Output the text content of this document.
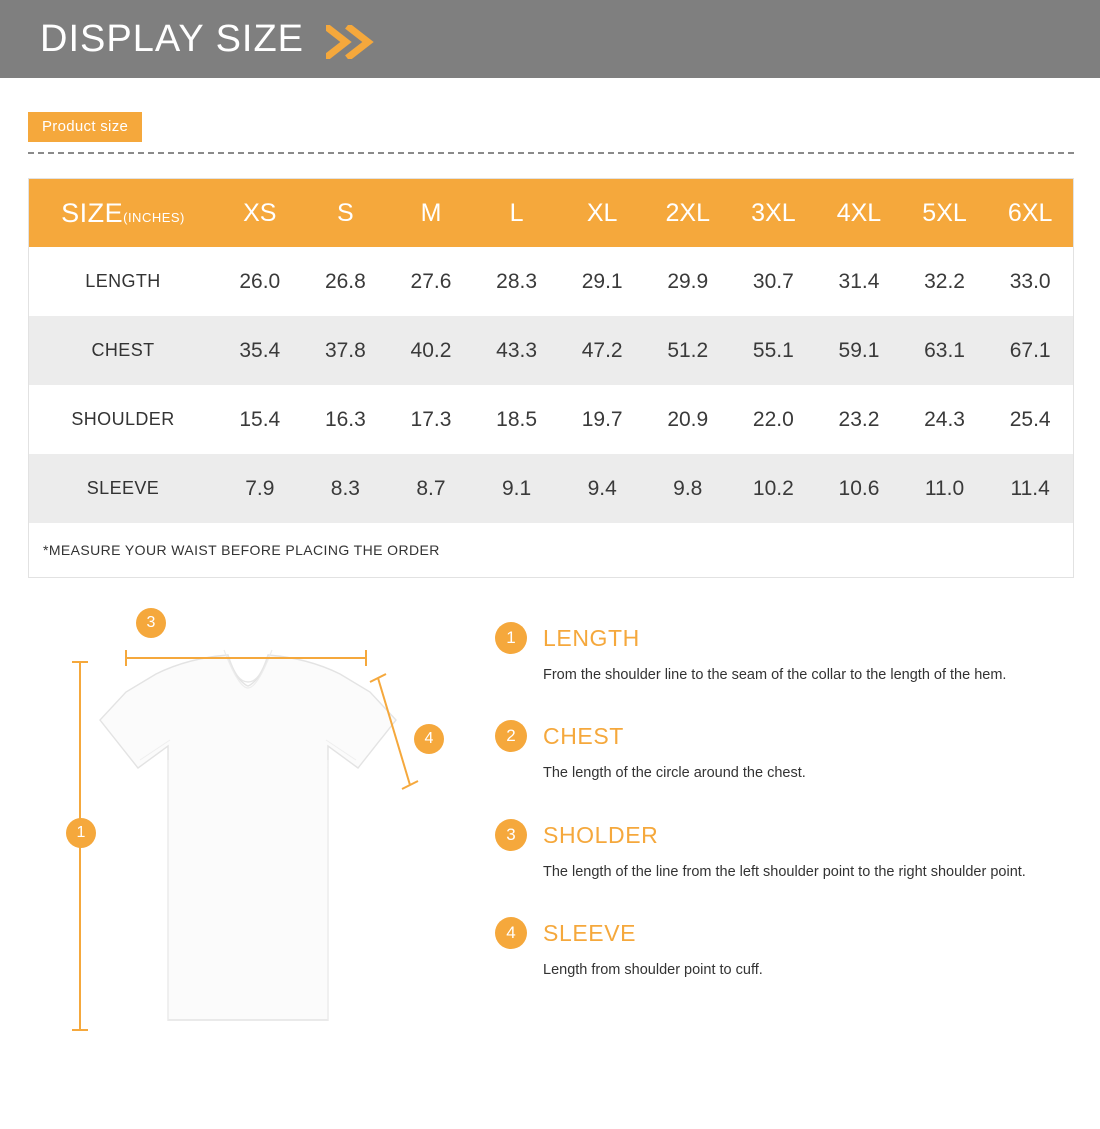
DISPLAY SIZE
Product size
SIZE(INCHES)	XS	S	M	L	XL	2XL	3XL	4XL	5XL	6XL
LENGTH	26.0	26.8	27.6	28.3	29.1	29.9	30.7	31.4	32.2	33.0
CHEST	35.4	37.8	40.2	43.3	47.2	51.2	55.1	59.1	63.1	67.1
SHOULDER	15.4	16.3	17.3	18.5	19.7	20.9	22.0	23.2	24.3	25.4
SLEEVE	7.9	8.3	8.7	9.1	9.4	9.8	10.2	10.6	11.0	11.4
*MEASURE YOUR WAIST BEFORE PLACING THE ORDER										
3
1
4
1	LENGTH
From the shoulder line to the seam of the collar to the length of the hem.
2	CHEST
The length of the circle around the chest.
3	SHOLDER
The length of the line from the left shoulder point to the right shoulder point.
4	SLEEVE
Length from shoulder point to cuff.
